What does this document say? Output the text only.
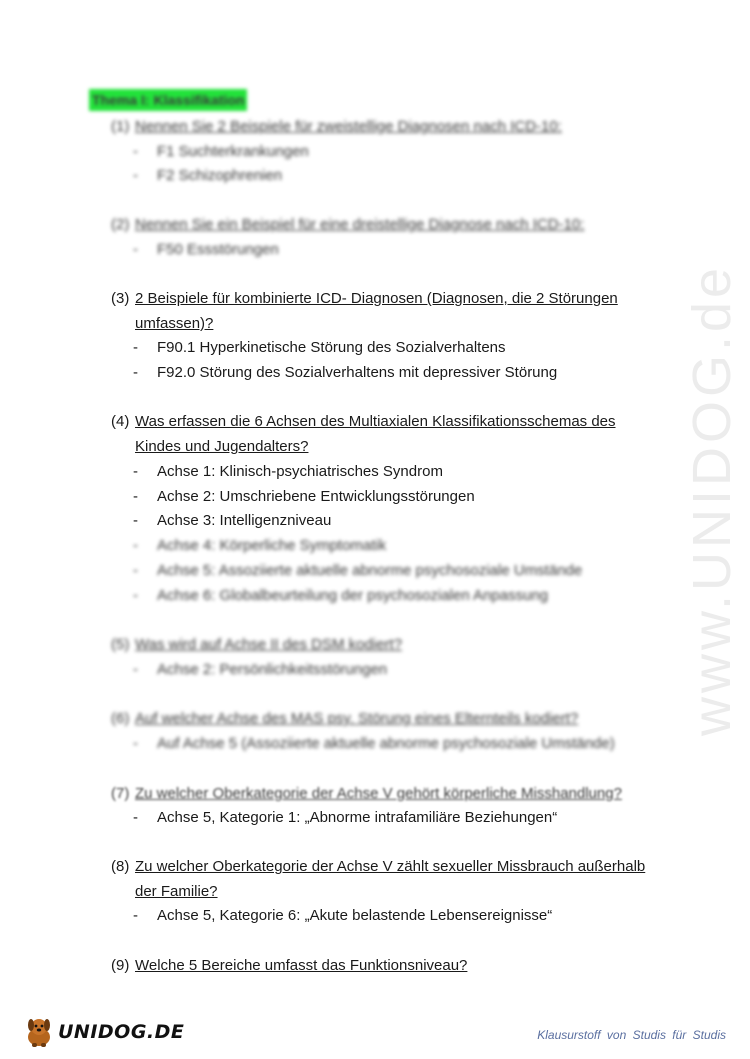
www.UNIDOG.de
Thema I: Klassifikation
(1) Nennen Sie 2 Beispiele für zweistellige Diagnosen nach ICD-10:
- F1 Suchterkrankungen
- F2 Schizophrenien
(2) Nennen Sie ein Beispiel für eine dreistellige Diagnose nach ICD-10:
- F50 Essstörungen
(3) 2 Beispiele für kombinierte ICD- Diagnosen (Diagnosen, die 2 Störungen umfassen)?
- F90.1 Hyperkinetische Störung des Sozialverhaltens
- F92.0 Störung des Sozialverhaltens mit depressiver Störung
(4) Was erfassen die 6 Achsen des Multiaxialen Klassifikationsschemas des Kindes und Jugendalters?
- Achse 1: Klinisch-psychiatrisches Syndrom
- Achse 2: Umschriebene Entwicklungsstörungen
- Achse 3: Intelligenzniveau
- Achse 4: Körperliche Symptomatik
- Achse 5: Assoziierte aktuelle abnorme psychosoziale Umstände
- Achse 6: Globalbeurteilung der psychosozialen Anpassung
(5) Was wird auf Achse II des DSM kodiert?
- Achse 2: Persönlichkeitsstörungen
(6) Auf welcher Achse des MAS psy. Störung eines Elternteils kodiert?
- Auf Achse 5 (Assoziierte aktuelle abnorme psychosoziale Umstände)
(7) Zu welcher Oberkategorie der Achse V gehört körperliche Misshandlung?
- Achse 5, Kategorie 1: „Abnorme intrafamiliäre Beziehungen“
(8) Zu welcher Oberkategorie der Achse V zählt sexueller Missbrauch außerhalb der Familie?
- Achse 5, Kategorie 6: „Akute belastende Lebensereignisse“
(9) Welche 5 Bereiche umfasst das Funktionsniveau?
UNIDOG.DE	Klausurstoff von Studis für Studis
